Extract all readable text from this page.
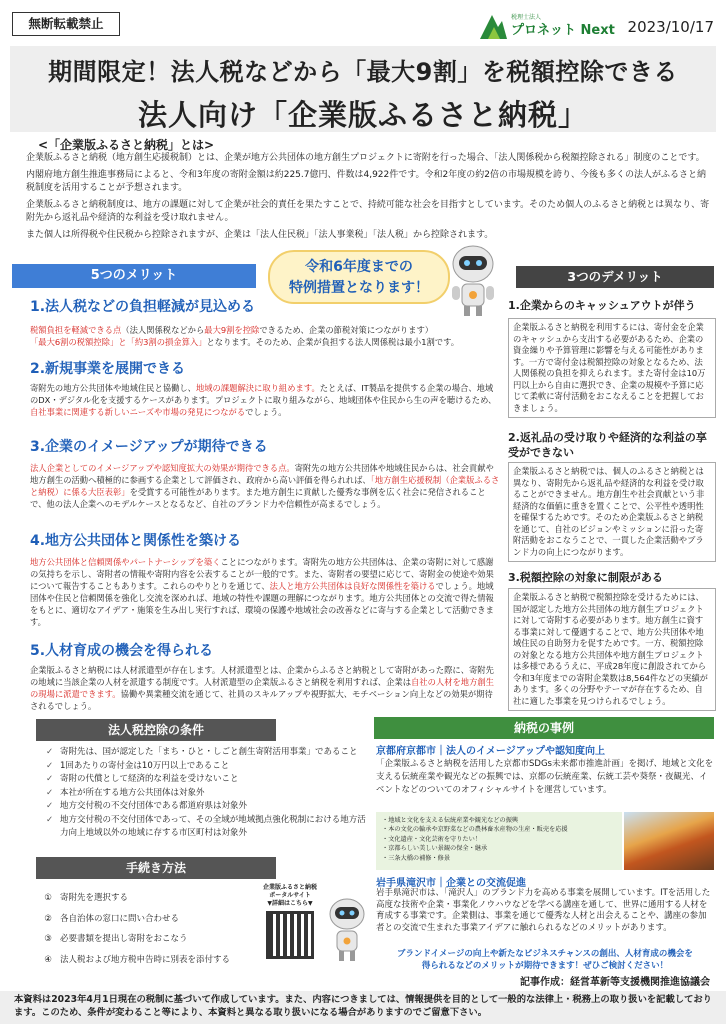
無断転載禁止	税理士法人
プロネット Next 2023/10/17
期間限定！法人税などから「最大9割」を税額控除できる
法人向け「企業版ふるさと納税」
<「企業版ふるさと納税」とは>

企業版ふるさと納税（地方創生応援税制）とは、企業が地方公共団体の地方創生プロジェクトに寄附を行った場合、「法人関係税から税額控除される」制度のことです。

内閣府地方創生推進事務局によると、令和3年度の寄附金額は約225.7億円、件数は4,922件です。令和2年度の約2倍の市場規模を誇り、今後も多くの法人がふるさと納税制度を活用することが予想されます。

企業版ふるさと納税制度は、地方の課題に対して企業が社会的責任を果たすことで、持続可能な社会を目指すとしています。そのため個人のふるさと納税とは異なり、寄附先から返礼品や経済的な利益を受け取れません。

また個人は所得税や住民税から控除されますが、企業は「法人住民税」「法人事業税」「法人税」から控除されます。

5つのメリット
令和6年度までの
特例措置となります！
3つのデメリット
1.法人税などの負担軽減が見込める
税額負担を軽減できる点（法人関係税などから最大9割を控除できるため、企業の節税対策につながります）
「最大6割の税額控除」と「約3割の損金算入」となります。そのため、企業が負担する法人関係税は最小1割です。
2.新規事業を展開できる
寄附先の地方公共団体や地域住民と協働し、地域の課題解決に取り組めます。たとえば、IT製品を提供する企業の場合、地域のDX・デジタル化を支援するケースがあります。プロジェクトに取り組みながら、地域団体や住民から生の声を聴けるため、自社事業に関連する新しいニーズや市場の発見につながるでしょう。
3.企業のイメージアップが期待できる
法人企業としてのイメージアップや認知度拡大の効果が期待できる点。寄附先の地方公共団体や地域住民からは、社会貢献や地方創生の活動へ積極的に参画する企業として評価され、政府から高い評価を得られれば、「地方創生応援税制（企業版ふるさと納税）に係る大臣表彰」を受賞する可能性があります。また地方創生に貢献した優秀な事例を広く社会に発信されることで、他の法人企業へのモデルケースとなるなど、自社のブランド力や信頼性が高まるでしょう。
4.地方公共団体と関係性を築ける
地方公共団体と信頼関係やパートナーシップを築くことにつながります。寄附先の地方公共団体は、企業の寄附に対して感謝の気持ちを示し、寄附者の情報や寄附内容を公表することが一般的です。また、寄附者の要望に応じて、寄附金の使途や効果について報告することもあります。これらのやりとりを通じて、法人と地方公共団体は良好な関係性を築けるでしょう。地域団体や住民と信頼関係を強化し交流を深めれば、地域の特性や課題の理解につながります。地方公共団体との交流で得た情報をもとに、適切なアイデア・施策を生み出し実行すれば、環境の保護や地域社会の改善などに寄与する企業として活動できます。
5.人材育成の機会を得られる
企業版ふるさと納税には人材派遣型が存在します。人材派遣型とは、企業からふるさと納税として寄附があった際に、寄附先の地域に当該企業の人材を派遣する制度です。人材派遣型の企業版ふるさと納税を利用すれば、企業は自社の人材を地方創生の現場に派遣できます。協働や異業種交流を通じて、社員のスキルアップや視野拡大、モチベーション向上などの効果が期待されるでしょう。
1.企業からのキャッシュアウトが伴う
企業版ふるさと納税を利用するには、寄付金を企業のキャッシュから支出する必要があるため、企業の資金繰りや予算管理に影響を与える可能性があります。一方で寄付金は税額控除の対象となるため、法人関係税の負担を抑えられます。また寄付金は10万円以上から自由に選択でき、企業の規模や予算に応じて柔軟に寄付活動をおこなえることを把握しておきましょう。
2.返礼品の受け取りや経済的な利益の享受ができない
企業版ふるさと納税では、個人のふるさと納税とは異なり、寄附先から返礼品や経済的な利益を受け取ることができません。地方創生や社会貢献という非経済的な価値に重きを置くことで、公平性や透明性を確保するためです。そのため企業版ふるさと納税を通じて、自社のビジョンやミッションに沿った寄附活動をおこなうことで、一貫した企業活動やブランド力の向上につながります。
3.税額控除の対象に制限がある
企業版ふるさと納税で税額控除を受けるためには、国が認定した地方公共団体の地方創生プロジェクトに対して寄附する必要があります。地方創生に資する事業に対して優遇することで、地方公共団体や地域住民の自助努力を促すためです。一方、税額控除の対象となる地方公共団体や地方創生プロジェクトは多様であるうえに、平成28年度に創設されてから令和3年度までの寄附企業数は8,564件などの実績があります。多くの分野やテーマが存在するため、自社に適した事業を見つけられるでしょう。
法人税控除の条件
✓ 寄附先は、国が認定した「まち・ひと・しごと創生寄附活用事業」であること
✓ 1回あたりの寄付金は10万円以上であること
✓ 寄附の代償として経済的な利益を受けないこと
✓ 本社が所在する地方公共団体は対象外
✓ 地方交付税の不交付団体である都道府県は対象外
✓ 地方交付税の不交付団体であって、その全域が地域拠点強化税制における地方活力向上地域以外の地域に存する市区町村は対象外
手続き方法
① 寄附先を選択する
② 各自治体の窓口に問い合わせる
③ 必要書類を提出し寄附をおこなう
④ 法人税および地方税申告時に別表を添付する
企業版ふるさと納税
ポータルサイト
▼詳細はこちら▼
納税の事例
京都府京都市｜法人のイメージアップや認知度向上
「企業版ふるさと納税を活用した京都市SDGs未来都市推進計画」を掲げ、地域と文化を支える伝統産業や観光などの振興では、京都の伝統産業、伝統工芸や葵祭・夜観光、イベントなどのついてのオフィシャルサイトを運営しています。
・地域と文化を支える伝統産業や観光などの振興
・本の文化の輪承や京野菜などの農林畜水産物の生産・販売を応援
・文化遺産・文化芸術を守りたい！
・京都らしい美しい景観の保全・継承
・三条大橋の補修・修景
岩手県滝沢市｜企業との交流促進
岩手県滝沢市は、「滝沢人」のブランド力を高める事業を展開しています。ITを活用した高度な技術や企業・事業化ノウハウなどを学べる講座を通して、世界に通用する人材を育成する事業です。企業側は、事業を通じて優秀な人材と出会えることや、講座の参加者との交流で生まれた事業アイデアに触れられるなどのメリットがあります。
ブランドイメージの向上や新たなビジネスチャンスの創出、人材育成の機会を
得られるなどのメリットが期待できます！ぜひご検討ください！
記事作成：経営革新等支援機関推進協議会
本資料は2023年4月1日現在の税制に基づいて作成しています。また、内容につきましては、情報提供を目的として一般的な法律上・税務上の取り扱いを記載しております。このため、条件が変わること等により、本資料と異なる取り扱いになる場合がありますのでご留意下さい。
